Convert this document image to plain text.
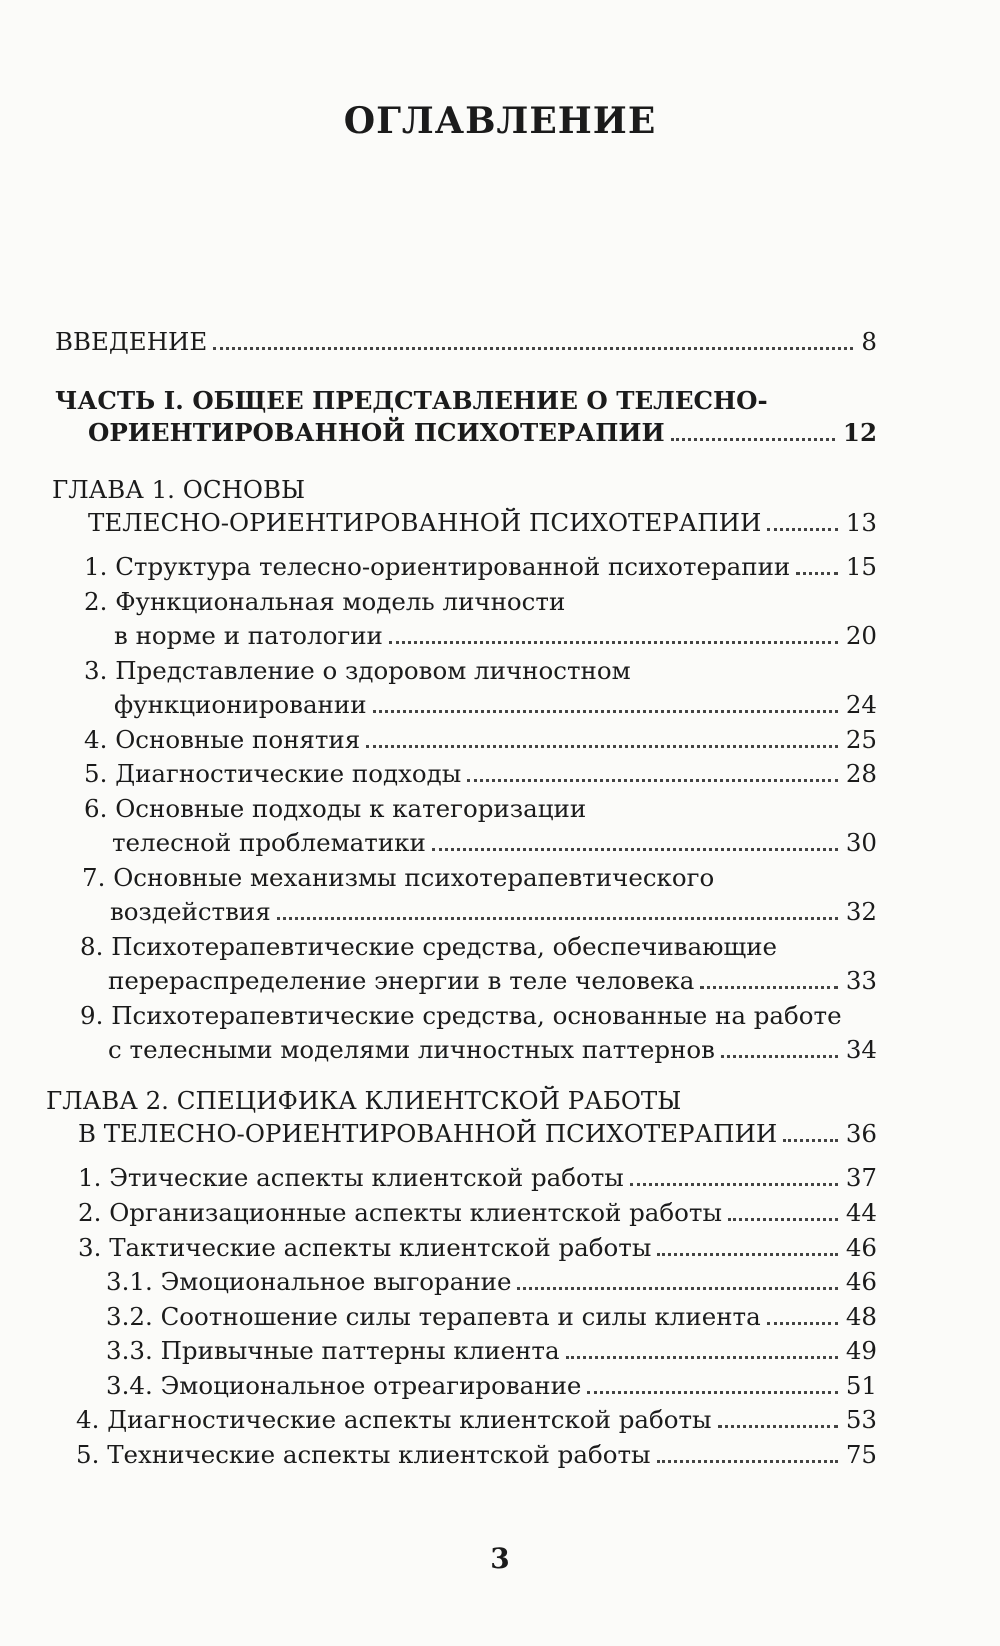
ОГЛАВЛЕНИЕ
ВВЕДЕНИЕ	8
ЧАСТЬ I. ОБЩЕЕ ПРЕДСТАВЛЕНИЕ О ТЕЛЕСНО-
ОРИЕНТИРОВАННОЙ ПСИХОТЕРАПИИ	12
ГЛАВА 1. ОСНОВЫ
ТЕЛЕСНО-ОРИЕНТИРОВАННОЙ ПСИХОТЕРАПИИ	13
1. Структура телесно-ориентированной психотерапии 15
2. Функциональная модель личности
в норме и патологии	20
3. Представление о здоровом личностном
функционировании	24
4. Основные понятия	25
5. Диагностические подходы	28
6. Основные подходы к категоризации
телесной проблематики	30
7. Основные механизмы психотерапевтического
воздействия	32
8. Психотерапевтические средства, обеспечивающие
перераспределение энергии в теле человека	33
9. Психотерапевтические средства, основанные на работе
с телесными моделями личностных паттернов	34
ГЛАВА 2. СПЕЦИФИКА КЛИЕНТСКОЙ РАБОТЫ
В ТЕЛЕСНО-ОРИЕНТИРОВАННОЙ ПСИХОТЕРАПИИ	36
1. Этические аспекты клиентской работы	37
2. Организационные аспекты клиентской работы	44
3. Тактические аспекты клиентской работы	46
3.1. Эмоциональное выгорание	46
3.2. Соотношение силы терапевта и силы клиента	48
3.3. Привычные паттерны клиента	49
3.4. Эмоциональное отреагирование	51
4. Диагностические аспекты клиентской работы	53
5. Технические аспекты клиентской работы	75
3
